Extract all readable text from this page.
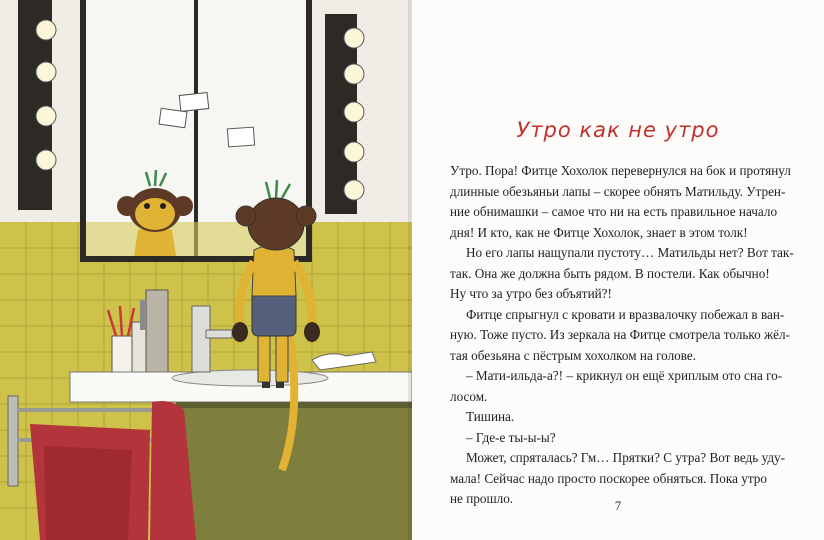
Утро как не утро

Утро. Пора! Фитце Хохолок перевернулся на бок и протянул

длинные обезьяньи лапы – скорее обнять Матильду. Утрен-

ние обнимашки – самое что ни на есть правильное начало

дня! И кто, как не Фитце Хохолок, знает в этом толк!

Но его лапы нащупали пустоту… Матильды нет? Вот так-

так. Она же должна быть рядом. В постели. Как обычно!

Ну что за утро без объятий?!

Фитце спрыгнул с кровати и вразвалочку побежал в ван-

ную. Тоже пусто. Из зеркала на Фитце смотрела только жёл-

тая обезьяна с пёстрым хохолком на голове.

– Мати-ильда-а?! – крикнул он ещё хриплым ото сна го-

лосом.

Тишина.

– Где-е ты-ы-ы?

Может, спряталась? Гм… Прятки? С утра? Вот ведь уду-

мала! Сейчас надо просто поскорее обняться. Пока утро

не прошло.	7
